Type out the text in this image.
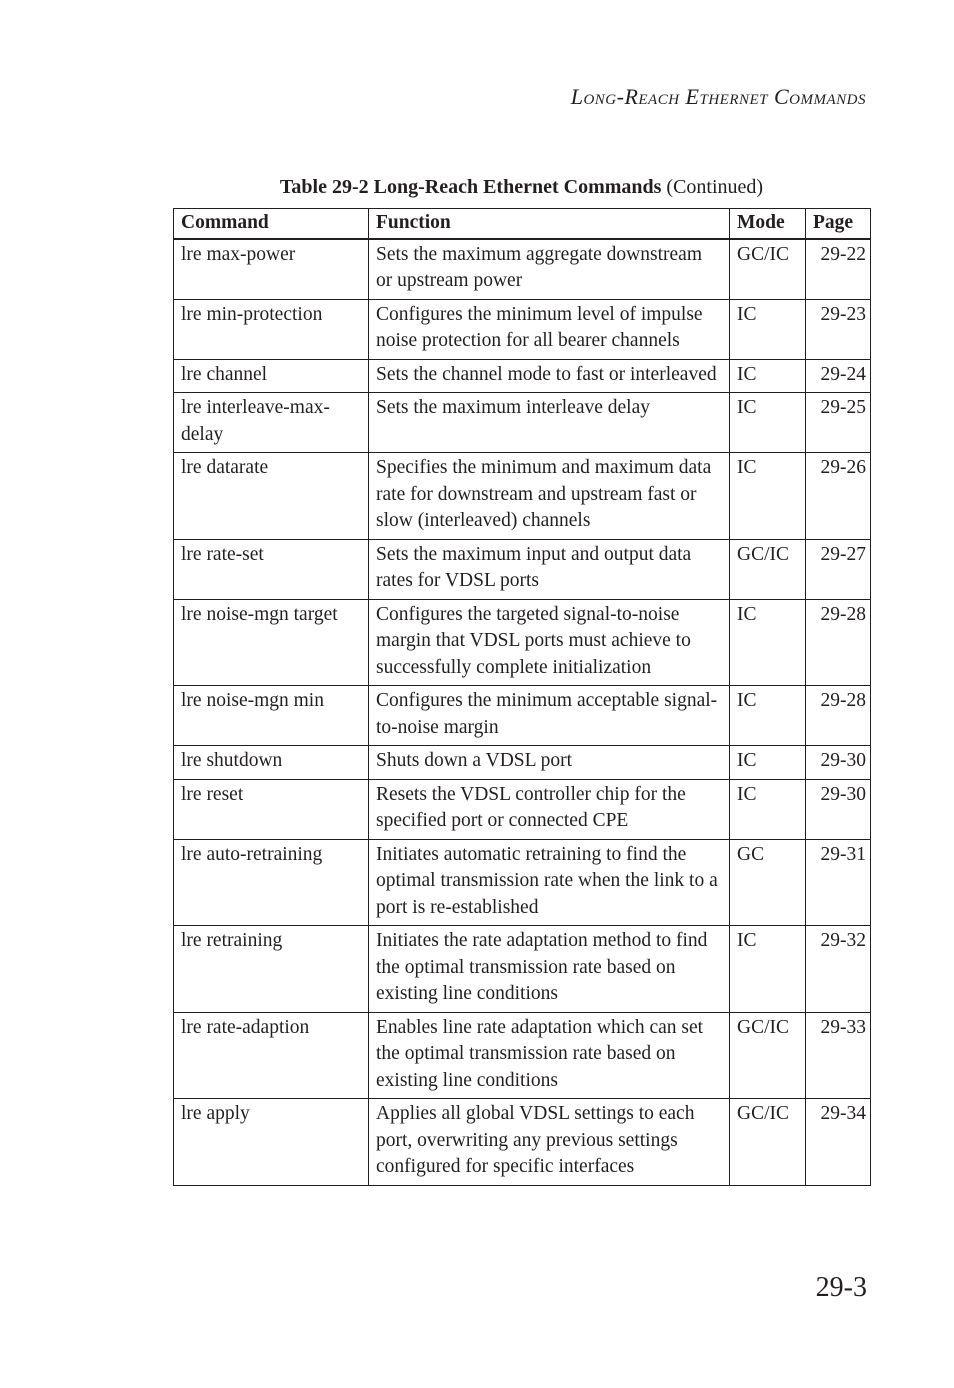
Long-Reach Ethernet Commands
Table 29-2 Long-Reach Ethernet Commands (Continued)
Command	Function	Mode	Page
lre max-power	Sets the maximum aggregate downstream or upstream power	GC/IC	29-22
lre min-protection	Configures the minimum level of impulse noise protection for all bearer channels	IC	29-23
lre channel	Sets the channel mode to fast or interleaved	IC	29-24
lre interleave-max-delay	Sets the maximum interleave delay	IC	29-25
lre datarate	Specifies the minimum and maximum data rate for downstream and upstream fast or slow (interleaved) channels	IC	29-26
lre rate-set	Sets the maximum input and output data rates for VDSL ports	GC/IC	29-27
lre noise-mgn target	Configures the targeted signal-to-noise margin that VDSL ports must achieve to successfully complete initialization	IC	29-28
lre noise-mgn min	Configures the minimum acceptable signal-to-noise margin	IC	29-28
lre shutdown	Shuts down a VDSL port	IC	29-30
lre reset	Resets the VDSL controller chip for the specified port or connected CPE	IC	29-30
lre auto-retraining	Initiates automatic retraining to find the optimal transmission rate when the link to a port is re-established	GC	29-31
lre retraining	Initiates the rate adaptation method to find the optimal transmission rate based on existing line conditions	IC	29-32
lre rate-adaption	Enables line rate adaptation which can set the optimal transmission rate based on existing line conditions	GC/IC	29-33
lre apply	Applies all global VDSL settings to each port, overwriting any previous settings configured for specific interfaces	GC/IC	29-34
29-3
